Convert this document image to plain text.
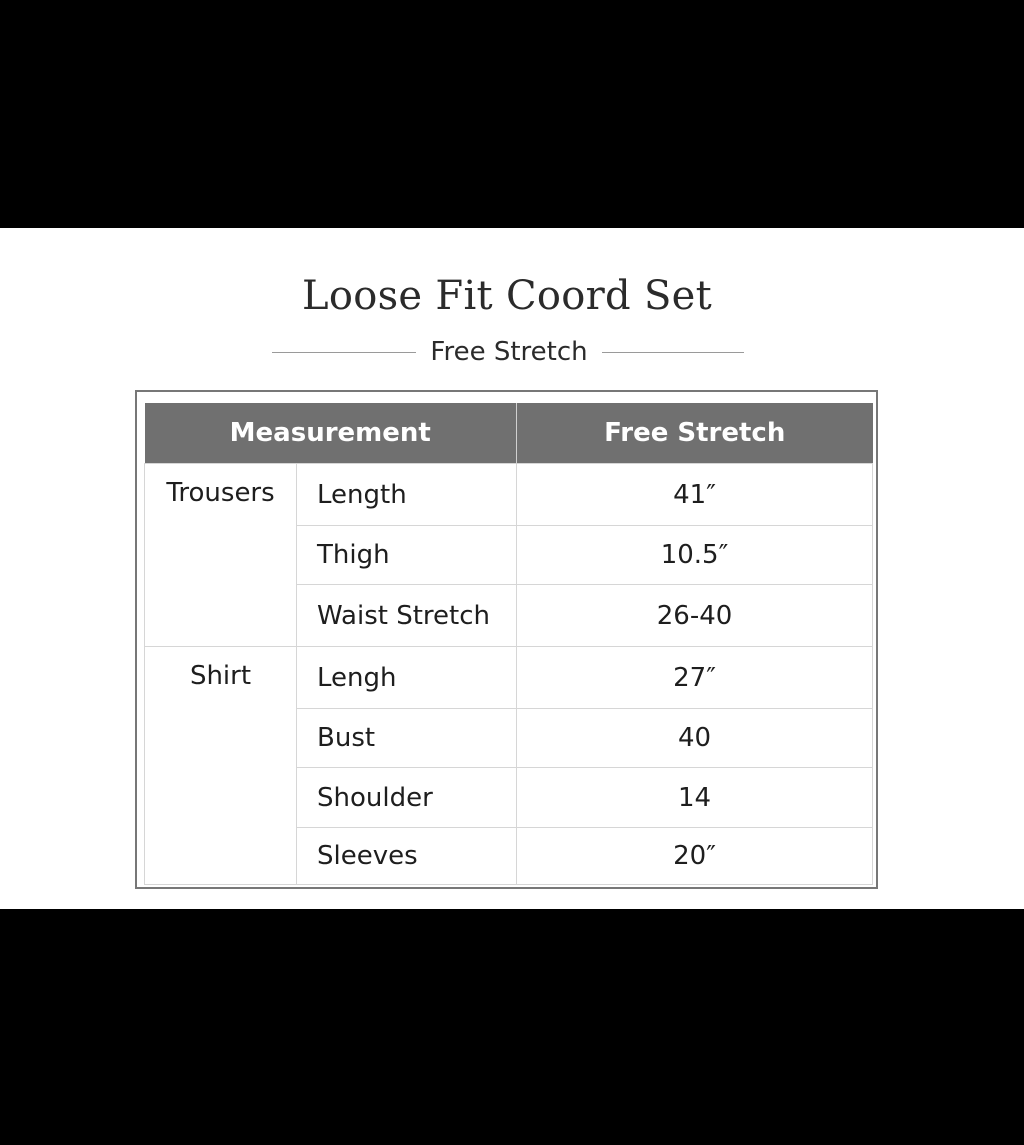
Loose Fit Coord Set
Free Stretch
Measurement		Free Stretch
Trousers	Length	41″
	Thigh	10.5″
	Waist Stretch	26-40
Shirt	Lengh	27″
	Bust	40
	Shoulder	14
	Sleeves	20″
